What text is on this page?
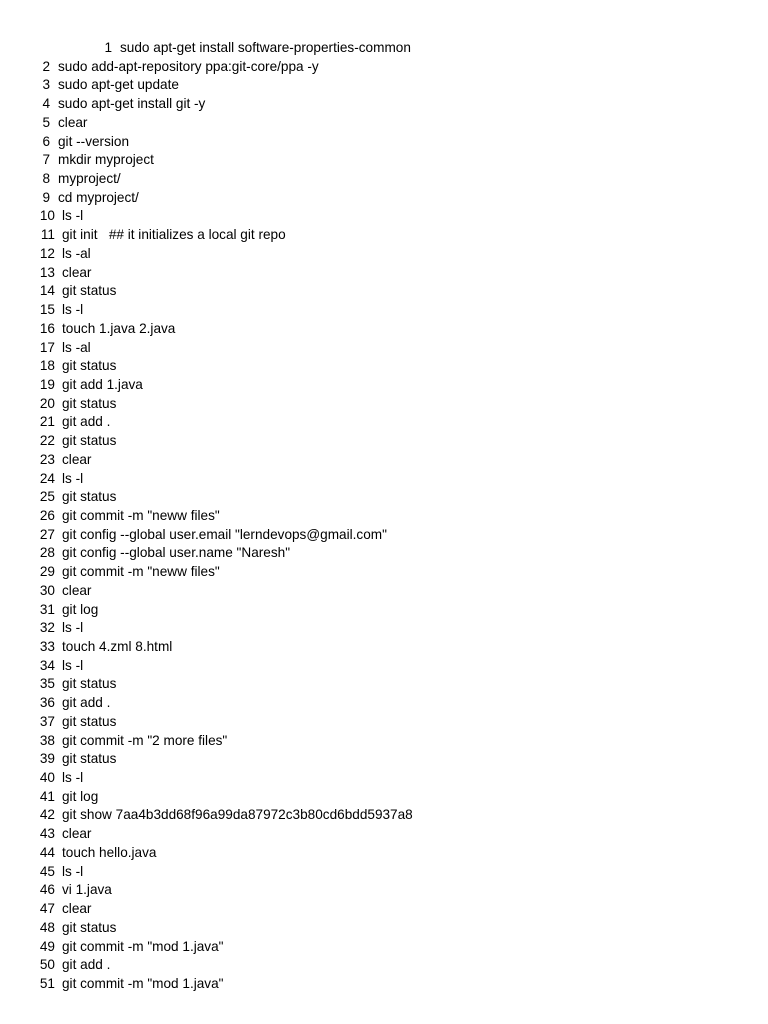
1 sudo apt-get install software-properties-common
2 sudo add-apt-repository ppa:git-core/ppa -y
3 sudo apt-get update
4 sudo apt-get install git -y
5 clear
6 git --version
7 mkdir myproject
8 myproject/
9 cd myproject/
10 ls -l
11 git init   ## it initializes a local git repo
12 ls -al
13 clear
14 git status
15 ls -l
16 touch 1.java 2.java
17 ls -al
18 git status
19 git add 1.java
20 git status
21 git add .
22 git status
23 clear
24 ls -l
25 git status
26 git commit -m "neww files"
27 git config --global user.email "lerndevops@gmail.com"
28 git config --global user.name "Naresh"
29 git commit -m "neww files"
30 clear
31 git log
32 ls -l
33 touch 4.zml 8.html
34 ls -l
35 git status
36 git add .
37 git status
38 git commit -m "2 more files"
39 git status
40 ls -l
41 git log
42 git show 7aa4b3dd68f96a99da87972c3b80cd6bdd5937a8
43 clear
44 touch hello.java
45 ls -l
46 vi 1.java
47 clear
48 git status
49 git commit -m "mod 1.java"
50 git add .
51 git commit -m "mod 1.java"
